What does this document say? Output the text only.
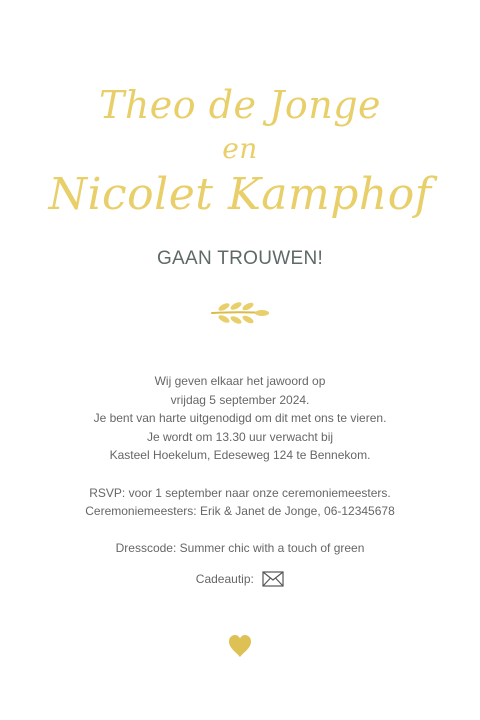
Theo de Jonge
en
Nicolet Kamphof
GAAN TROUWEN!
Wij geven elkaar het jawoord op
vrijdag 5 september 2024.
Je bent van harte uitgenodigd om dit met ons te vieren.
Je wordt om 13.30 uur verwacht bij
Kasteel Hoekelum, Edeseweg 124 te Bennekom.
RSVP: voor 1 september naar onze ceremoniemeesters.
Ceremoniemeesters: Erik & Janet de Jonge, 06-12345678
Dresscode: Summer chic with a touch of green
Cadeautip:
